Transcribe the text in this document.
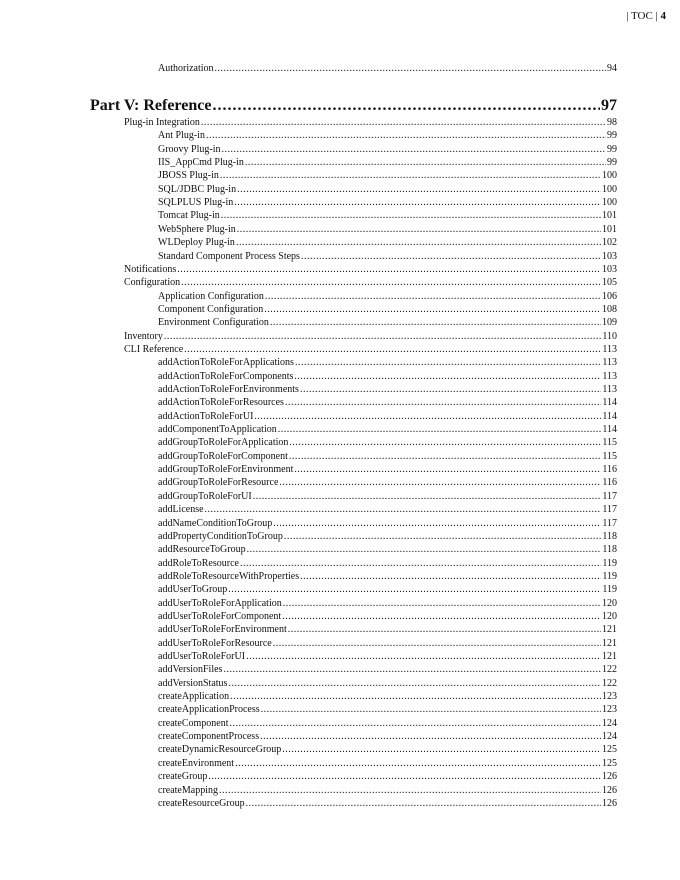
| TOC | 4
Authorization .....	94
Part V: Reference .....	97
Plug-in Integration .....	98
Ant Plug-in .....	99
Groovy Plug-in .....	99
IIS_AppCmd Plug-in .....	99
JBOSS Plug-in .....	100
SQL/JDBC Plug-in .....	100
SQLPLUS Plug-in .....	100
Tomcat Plug-in .....	101
WebSphere Plug-in .....	101
WLDeploy Plug-in .....	102
Standard Component Process Steps .....	103
Notifications .....	103
Configuration .....	105
Application Configuration .....	106
Component Configuration .....	108
Environment Configuration .....	109
Inventory .....	110
CLI Reference .....	113
addActionToRoleForApplications .....	113
addActionToRoleForComponents .....	113
addActionToRoleForEnvironments .....	113
addActionToRoleForResources .....	114
addActionToRoleForUI .....	114
addComponentToApplication .....	114
addGroupToRoleForApplication .....	115
addGroupToRoleForComponent .....	115
addGroupToRoleForEnvironment .....	116
addGroupToRoleForResource .....	116
addGroupToRoleForUI .....	117
addLicense .....	117
addNameConditionToGroup .....	117
addPropertyConditionToGroup .....	118
addResourceToGroup .....	118
addRoleToResource .....	119
addRoleToResourceWithProperties .....	119
addUserToGroup .....	119
addUserToRoleForApplication .....	120
addUserToRoleForComponent .....	120
addUserToRoleForEnvironment .....	121
addUserToRoleForResource .....	121
addUserToRoleForUI .....	121
addVersionFiles .....	122
addVersionStatus .....	122
createApplication .....	123
createApplicationProcess .....	123
createComponent .....	124
createComponentProcess .....	124
createDynamicResourceGroup .....	125
createEnvironment .....	125
createGroup .....	126
createMapping .....	126
createResourceGroup .....	126
